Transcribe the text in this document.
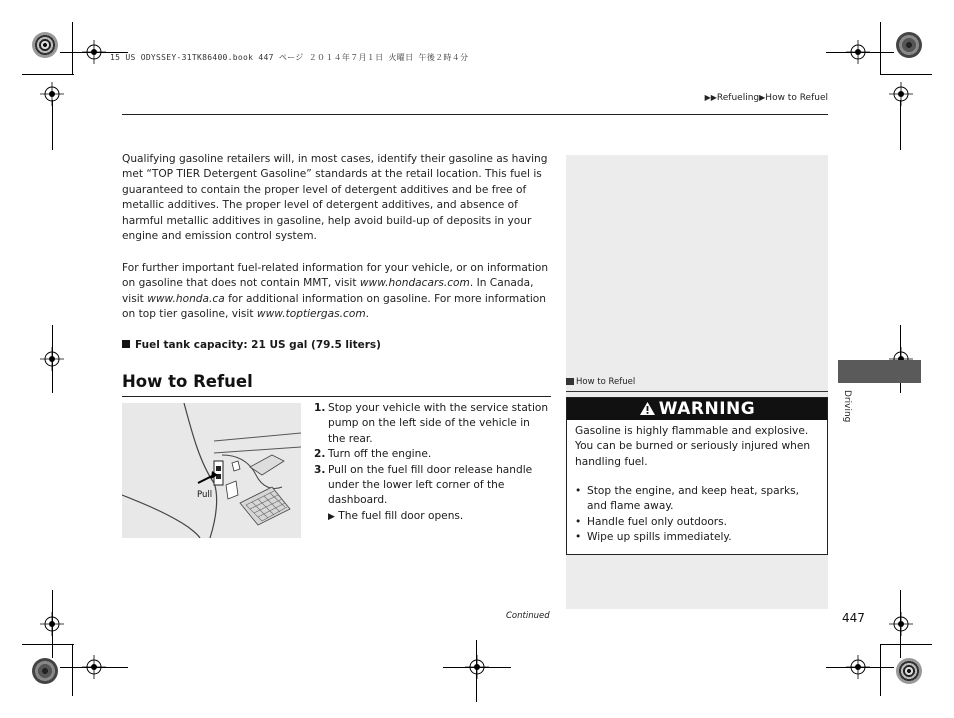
15 US ODYSSEY-31TK86400.book 447 ページ ２０１４年７月１日 火曜日 午後２時４分
▶▶Refueling▶How to Refuel
Qualifying gasoline retailers will, in most cases, identify their gasoline as having met “TOP TIER Detergent Gasoline” standards at the retail location. This fuel is guaranteed to contain the proper level of detergent additives and be free of metallic additives. The proper level of detergent additives, and absence of harmful metallic additives in gasoline, help avoid build-up of deposits in your engine and emission control system.
For further important fuel-related information for your vehicle, or on information on gasoline that does not contain MMT, visit www.hondacars.com. In Canada, visit www.honda.ca for additional information on gasoline. For more information on top tier gasoline, visit www.toptiergas.com.
Fuel tank capacity: 21 US gal (79.5 liters)
How to Refuel
Pull
1. Stop your vehicle with the service station pump on the left side of the vehicle in the rear.
2. Turn off the engine.
3. Pull on the fuel fill door release handle under the lower left corner of the dashboard.
▶ The fuel fill door opens.
Continued
How to Refuel
WARNING
Gasoline is highly flammable and explosive. You can be burned or seriously injured when handling fuel.
• Stop the engine, and keep heat, sparks, and flame away.
• Handle fuel only outdoors.
• Wipe up spills immediately.
Driving
447
